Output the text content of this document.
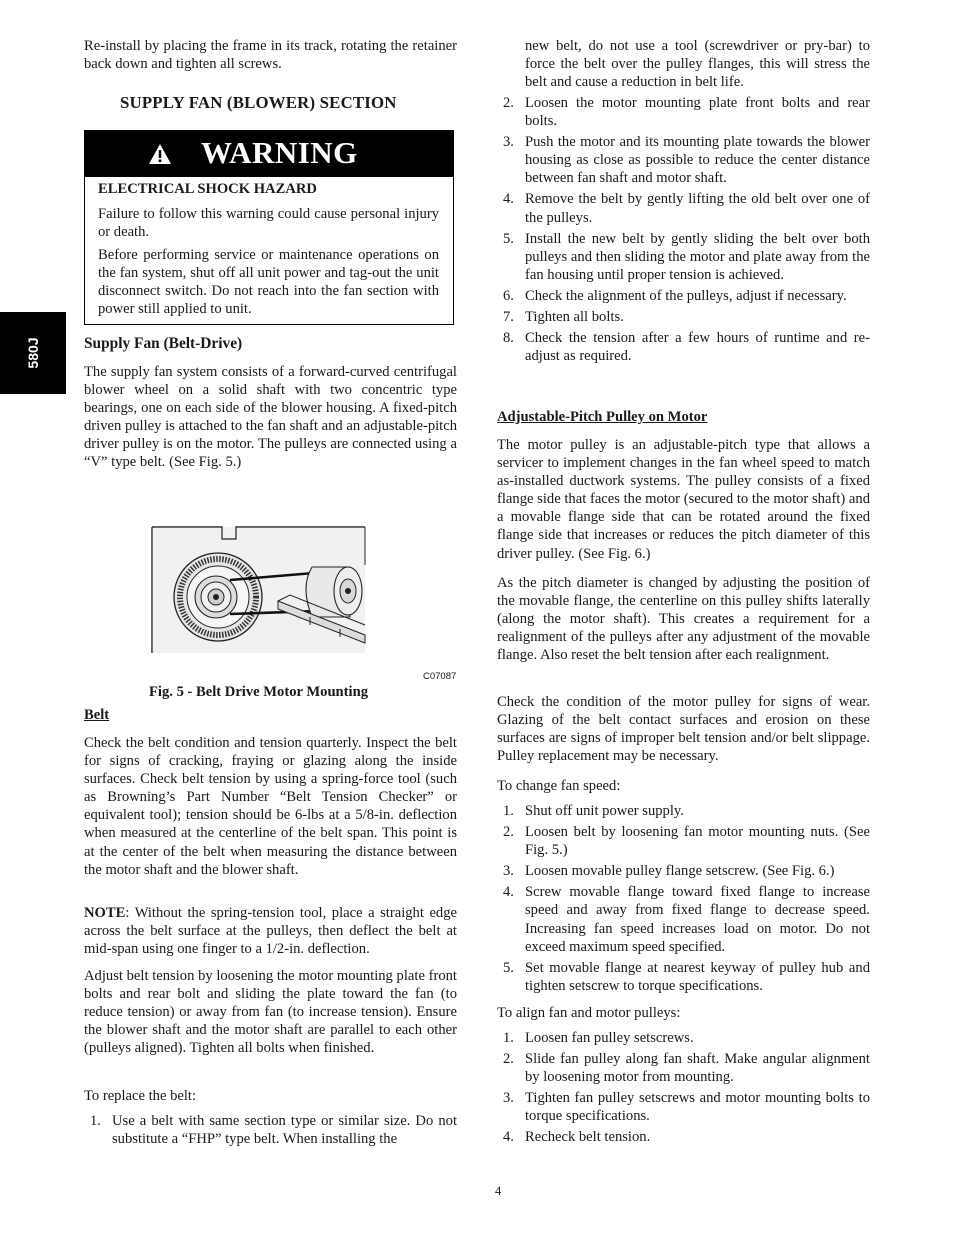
580J

Re-install by placing the frame in its track, rotating the retainer back down and tighten all screws.

SUPPLY FAN (BLOWER) SECTION
WARNING
ELECTRICAL SHOCK HAZARD

Failure to follow this warning could cause personal injury or death.

Before performing service or maintenance operations on the fan system, shut off all unit power and tag-out the unit disconnect switch. Do not reach into the fan section with power still applied to unit.

Supply Fan (Belt-Drive)

The supply fan system consists of a forward-curved centrifugal blower wheel on a solid shaft with two concentric type bearings, one on each side of the blower housing. A fixed-pitch driven pulley is attached to the fan shaft and an adjustable-pitch driver pulley is on the motor. The pulleys are connected using a “V” type belt. (See Fig. 5.)

C07087
Fig. 5 - Belt Drive Motor Mounting
Belt

Check the belt condition and tension quarterly. Inspect the belt for signs of cracking, fraying or glazing along the inside surfaces. Check belt tension by using a spring-force tool (such as Browning’s Part Number “Belt Tension Checker” or equivalent tool); tension should be 6-lbs at a 5/8-in. deflection when measured at the centerline of the belt span. This point is at the center of the belt when measuring the distance between the motor shaft and the blower shaft.

NOTE: Without the spring-tension tool, place a straight edge across the belt surface at the pulleys, then deflect the belt at mid-span using one finger to a 1/2-in. deflection.

Adjust belt tension by loosening the motor mounting plate front bolts and rear bolt and sliding the plate toward the fan (to reduce tension) or away from fan (to increase tension). Ensure the blower shaft and the motor shaft are parallel to each other (pulleys aligned). Tighten all bolts when finished.

To replace the belt:

1. Use a belt with same section type or similar size. Do not substitute a “FHP” type belt. When installing the

new belt, do not use a tool (screwdriver or pry-bar) to force the belt over the pulley flanges, this will stress the belt and cause a reduction in belt life.

2. Loosen the motor mounting plate front bolts and rear bolts.
3. Push the motor and its mounting plate towards the blower housing as close as possible to reduce the center distance between fan shaft and motor shaft.
4. Remove the belt by gently lifting the old belt over one of the pulleys.
5. Install the new belt by gently sliding the belt over both pulleys and then sliding the motor and plate away from the fan housing until proper tension is achieved.
6. Check the alignment of the pulleys, adjust if necessary.
7. Tighten all bolts.
8. Check the tension after a few hours of runtime and re-adjust as required.
Adjustable-Pitch Pulley on Motor

The motor pulley is an adjustable-pitch type that allows a servicer to implement changes in the fan wheel speed to match as-installed ductwork systems. The pulley consists of a fixed flange side that faces the motor (secured to the motor shaft) and a movable flange side that can be rotated around the fixed flange side that increases or reduces the pitch diameter of this driver pulley. (See Fig. 6.)

As the pitch diameter is changed by adjusting the position of the movable flange, the centerline on this pulley shifts laterally (along the motor shaft). This creates a requirement for a realignment of the pulleys after any adjustment of the movable flange. Also reset the belt tension after each realignment.

Check the condition of the motor pulley for signs of wear. Glazing of the belt contact surfaces and erosion on these surfaces are signs of improper belt tension and/or belt slippage. Pulley replacement may be necessary.

To change fan speed:

1. Shut off unit power supply.
2. Loosen belt by loosening fan motor mounting nuts. (See Fig. 5.)
3. Loosen movable pulley flange setscrew. (See Fig. 6.)
4. Screw movable flange toward fixed flange to increase speed and away from fixed flange to decrease speed. Increasing fan speed increases load on motor. Do not exceed maximum speed specified.
5. Set movable flange at nearest keyway of pulley hub and tighten setscrew to torque specifications.

To align fan and motor pulleys:

1. Loosen fan pulley setscrews.
2. Slide fan pulley along fan shaft. Make angular alignment by loosening motor from mounting.
3. Tighten fan pulley setscrews and motor mounting bolts to torque specifications.
4. Recheck belt tension.
4
